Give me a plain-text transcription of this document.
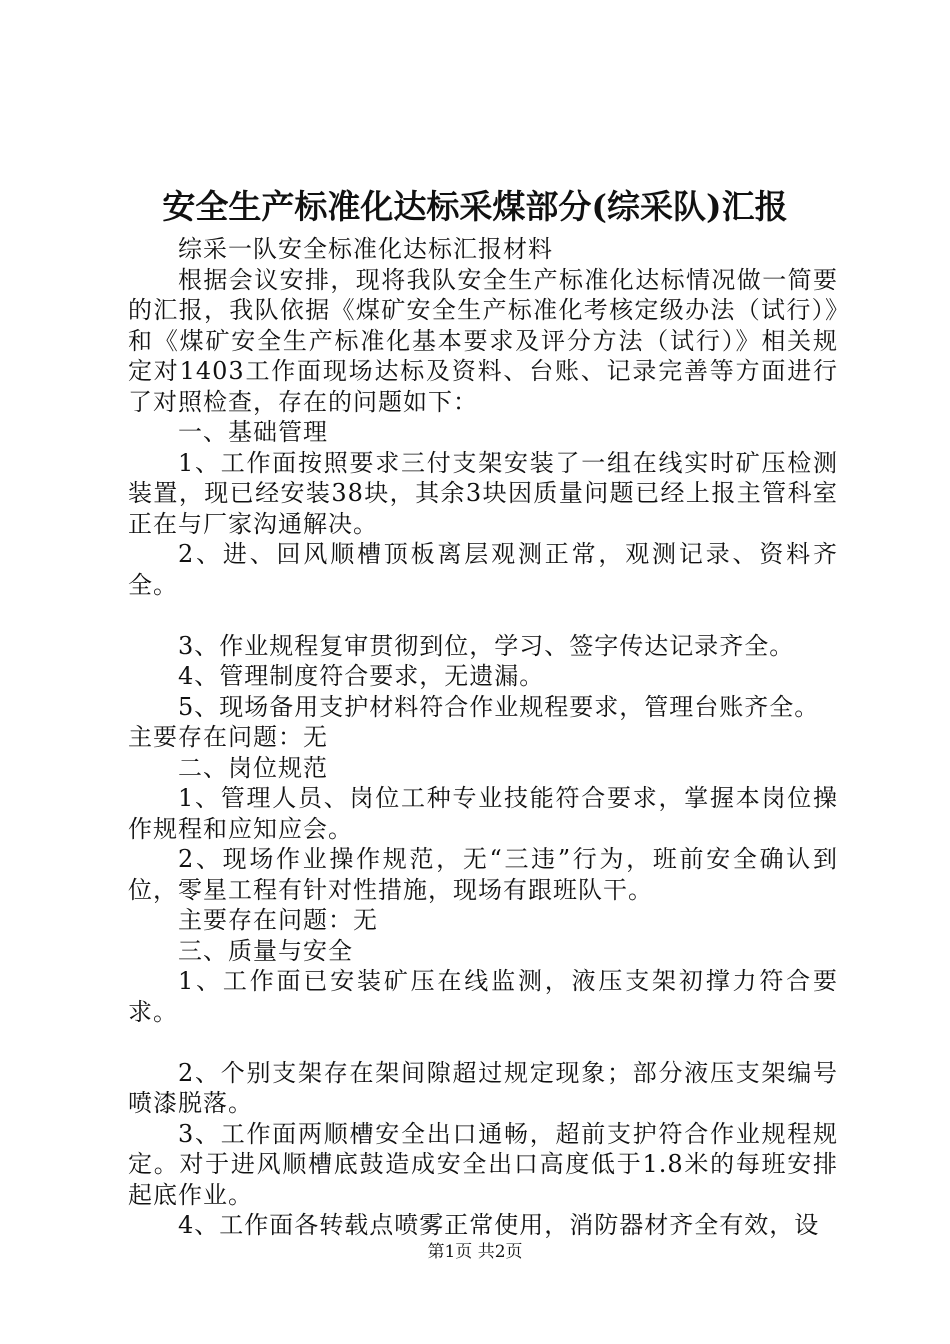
安全生产标准化达标采煤部分(综采队)汇报

综采一队安全标准化达标汇报材料

根据会议安排，现将我队安全生产标准化达标情况做一简要的汇报，我队依据《煤矿安全生产标准化考核定级办法（试行）》和《煤矿安全生产标准化基本要求及评分方法（试行）》相关规定对1403工作面现场达标及资料、台账、记录完善等方面进行了对照检查，存在的问题如下：

一、基础管理

1、工作面按照要求三付支架安装了一组在线实时矿压检测装置，现已经安装38块，其余3块因质量问题已经上报主管科室正在与厂家沟通解决。

2、进、回风顺槽顶板离层观测正常，观测记录、资料齐全。

3、作业规程复审贯彻到位，学习、签字传达记录齐全。

4、管理制度符合要求，无遗漏。

5、现场备用支护材料符合作业规程要求，管理台账齐全。

主要存在问题：无

二、岗位规范

1、管理人员、岗位工种专业技能符合要求，掌握本岗位操作规程和应知应会。

2、现场作业操作规范，无“三违”行为，班前安全确认到位，零星工程有针对性措施，现场有跟班队干。

主要存在问题：无

三、质量与安全

1、工作面已安装矿压在线监测，液压支架初撑力符合要求。

2、个别支架存在架间隙超过规定现象；部分液压支架编号喷漆脱落。

3、工作面两顺槽安全出口通畅，超前支护符合作业规程规定。对于进风顺槽底鼓造成安全出口高度低于1.8米的每班安排起底作业。

4、工作面各转载点喷雾正常使用，消防器材齐全有效，设

第1页 共2页
